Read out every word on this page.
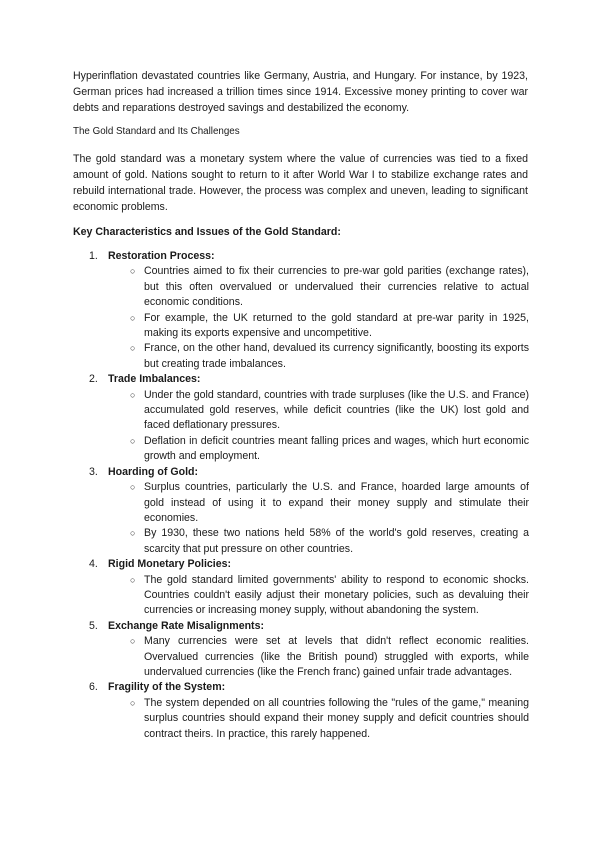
Hyperinflation devastated countries like Germany, Austria, and Hungary. For instance, by 1923, German prices had increased a trillion times since 1914. Excessive money printing to cover war debts and reparations destroyed savings and destabilized the economy.

The Gold Standard and Its Challenges

The gold standard was a monetary system where the value of currencies was tied to a fixed amount of gold. Nations sought to return to it after World War I to stabilize exchange rates and rebuild international trade. However, the process was complex and uneven, leading to significant economic problems.

Key Characteristics and Issues of the Gold Standard:

1. Restoration Process:
○ Countries aimed to fix their currencies to pre-war gold parities (exchange rates), but this often overvalued or undervalued their currencies relative to actual economic conditions.
○ For example, the UK returned to the gold standard at pre-war parity in 1925, making its exports expensive and uncompetitive.
○ France, on the other hand, devalued its currency significantly, boosting its exports but creating trade imbalances.
2. Trade Imbalances:
○ Under the gold standard, countries with trade surpluses (like the U.S. and France) accumulated gold reserves, while deficit countries (like the UK) lost gold and faced deflationary pressures.
○ Deflation in deficit countries meant falling prices and wages, which hurt economic growth and employment.
3. Hoarding of Gold:
○ Surplus countries, particularly the U.S. and France, hoarded large amounts of gold instead of using it to expand their money supply and stimulate their economies.
○ By 1930, these two nations held 58% of the world's gold reserves, creating a scarcity that put pressure on other countries.
4. Rigid Monetary Policies:
○ The gold standard limited governments' ability to respond to economic shocks. Countries couldn't easily adjust their monetary policies, such as devaluing their currencies or increasing money supply, without abandoning the system.
5. Exchange Rate Misalignments:
○ Many currencies were set at levels that didn't reflect economic realities. Overvalued currencies (like the British pound) struggled with exports, while undervalued currencies (like the French franc) gained unfair trade advantages.
6. Fragility of the System:
○ The system depended on all countries following the "rules of the game," meaning surplus countries should expand their money supply and deficit countries should contract theirs. In practice, this rarely happened.
